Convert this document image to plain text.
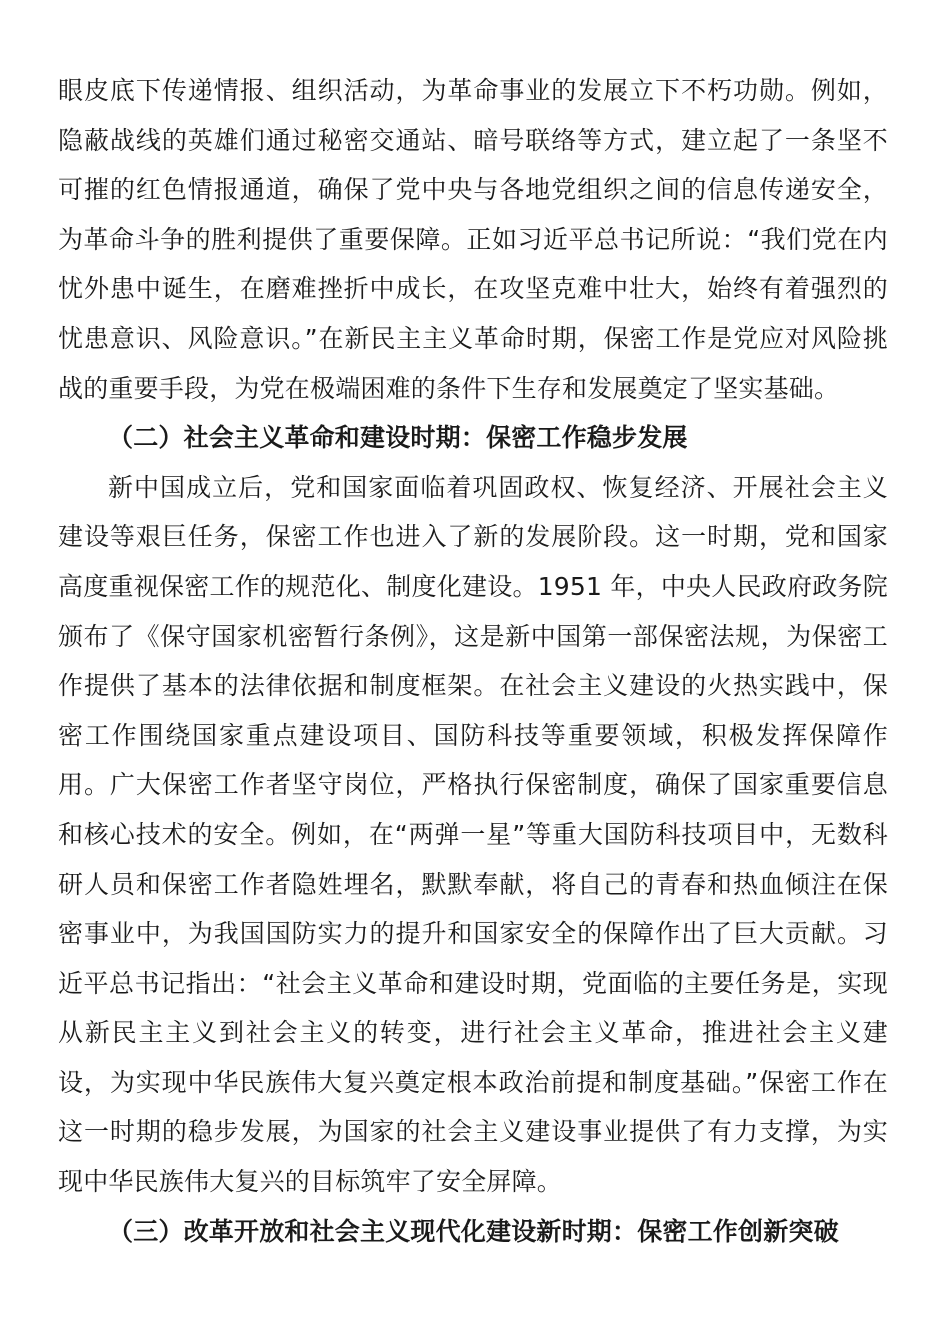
眼皮底下传递情报、组织活动，为革命事业的发展立下不朽功勋。例如，隐蔽战线的英雄们通过秘密交通站、暗号联络等方式，建立起了一条坚不可摧的红色情报通道，确保了党中央与各地党组织之间的信息传递安全，为革命斗争的胜利提供了重要保障。正如习近平总书记所说：“我们党在内忧外患中诞生，在磨难挫折中成长，在攻坚克难中壮大，始终有着强烈的忧患意识、风险意识。”在新民主主义革命时期，保密工作是党应对风险挑战的重要手段，为党在极端困难的条件下生存和发展奠定了坚实基础。

（二）社会主义革命和建设时期：保密工作稳步发展

新中国成立后，党和国家面临着巩固政权、恢复经济、开展社会主义建设等艰巨任务，保密工作也进入了新的发展阶段。这一时期，党和国家高度重视保密工作的规范化、制度化建设。1951 年，中央人民政府政务院颁布了《保守国家机密暂行条例》，这是新中国第一部保密法规，为保密工作提供了基本的法律依据和制度框架。在社会主义建设的火热实践中，保密工作围绕国家重点建设项目、国防科技等重要领域，积极发挥保障作用。广大保密工作者坚守岗位，严格执行保密制度，确保了国家重要信息和核心技术的安全。例如，在“两弹一星”等重大国防科技项目中，无数科研人员和保密工作者隐姓埋名，默默奉献，将自己的青春和热血倾注在保密事业中，为我国国防实力的提升和国家安全的保障作出了巨大贡献。习近平总书记指出：“社会主义革命和建设时期，党面临的主要任务是，实现从新民主主义到社会主义的转变，进行社会主义革命，推进社会主义建设，为实现中华民族伟大复兴奠定根本政治前提和制度基础。”保密工作在这一时期的稳步发展，为国家的社会主义建设事业提供了有力支撑，为实现中华民族伟大复兴的目标筑牢了安全屏障。

（三）改革开放和社会主义现代化建设新时期：保密工作创新突破
